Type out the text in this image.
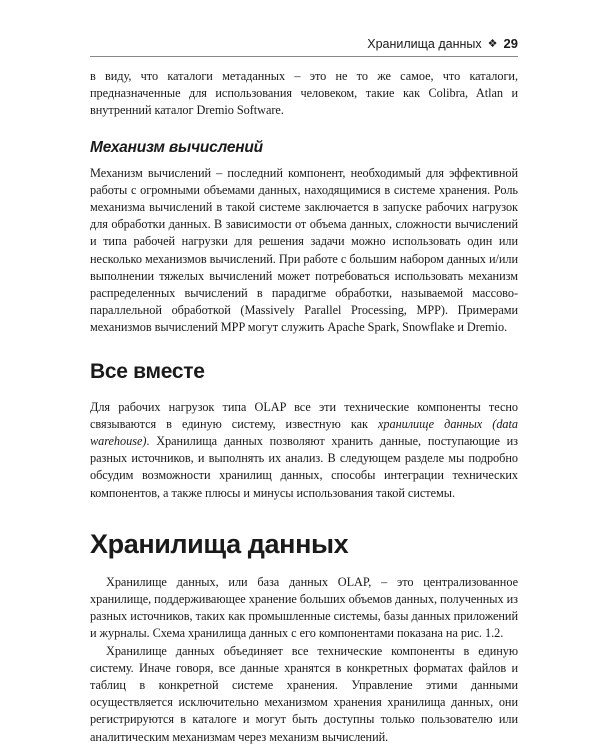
Хранилища данных ❖ 29

в виду, что каталоги метаданных – это не то же самое, что каталоги, предназначенные для использования человеком, такие как Colibra, Atlan и внутренний каталог Dremio Software.

Механизм вычислений

Механизм вычислений – последний компонент, необходимый для эффективной работы с огромными объемами данных, находящимися в системе хранения. Роль механизма вычислений в такой системе заключается в запуске рабочих нагрузок для обработки данных. В зависимости от объема данных, сложности вычислений и типа рабочей нагрузки для решения задачи можно использовать один или несколько механизмов вычислений. При работе с большим набором данных и/или выполнении тяжелых вычислений может потребоваться использовать механизм распределенных вычислений в парадигме обработки, называемой массово-параллельной обработкой (Massively Parallel Processing, MPP). Примерами механизмов вычислений MPP могут служить Apache Spark, Snowflake и Dremio.

Все вместе

Для рабочих нагрузок типа OLAP все эти технические компоненты тесно связываются в единую систему, известную как хранилище данных (data warehouse). Хранилища данных позволяют хранить данные, поступающие из разных источников, и выполнять их анализ. В следующем разделе мы подробно обсудим возможности хранилищ данных, способы интеграции технических компонентов, а также плюсы и минусы использования такой системы.

Хранилища данных

Хранилище данных, или база данных OLAP, – это централизованное хранилище, поддерживающее хранение больших объемов данных, полученных из разных источников, таких как промышленные системы, базы данных приложений и журналы. Схема хранилища данных с его компонентами показана на рис. 1.2.

Хранилище данных объединяет все технические компоненты в единую систему. Иначе говоря, все данные хранятся в конкретных форматах файлов и таблиц в конкретной системе хранения. Управление этими данными осуществляется исключительно механизмом хранения хранилища данных, они регистрируются в каталоге и могут быть доступны только пользователю или аналитическим механизмам через механизм вычислений.
